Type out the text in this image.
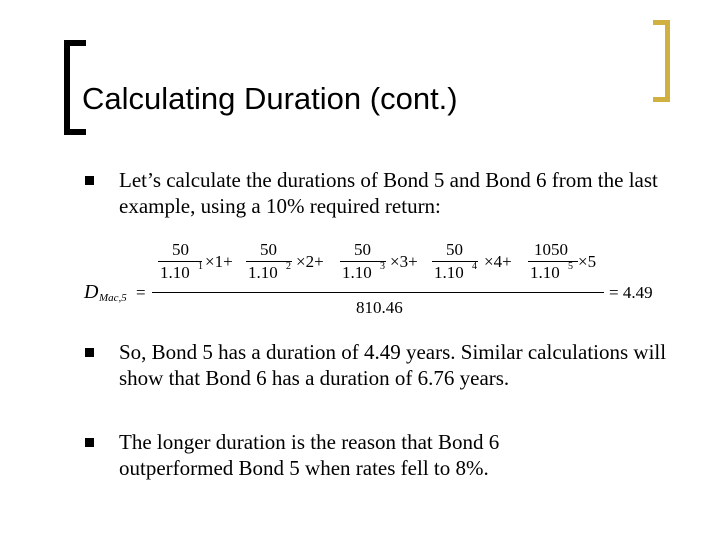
Calculating Duration (cont.)
Let’s calculate the durations of Bond 5 and Bond 6 from the last example, using a 10% required return:
D Mac,5 =
50
1.10 1 ×1+
50
1.10 2 ×2+
50
1.10 3 ×3+
50
1.10 4 ×4+
1050
1.10 5 ×5
810.46
= 4.49
So, Bond 5 has a duration of 4.49 years. Similar calculations will show that Bond 6 has a duration of 6.76 years.
The longer duration is the reason that Bond 6 outperformed Bond 5 when rates fell to 8%.
